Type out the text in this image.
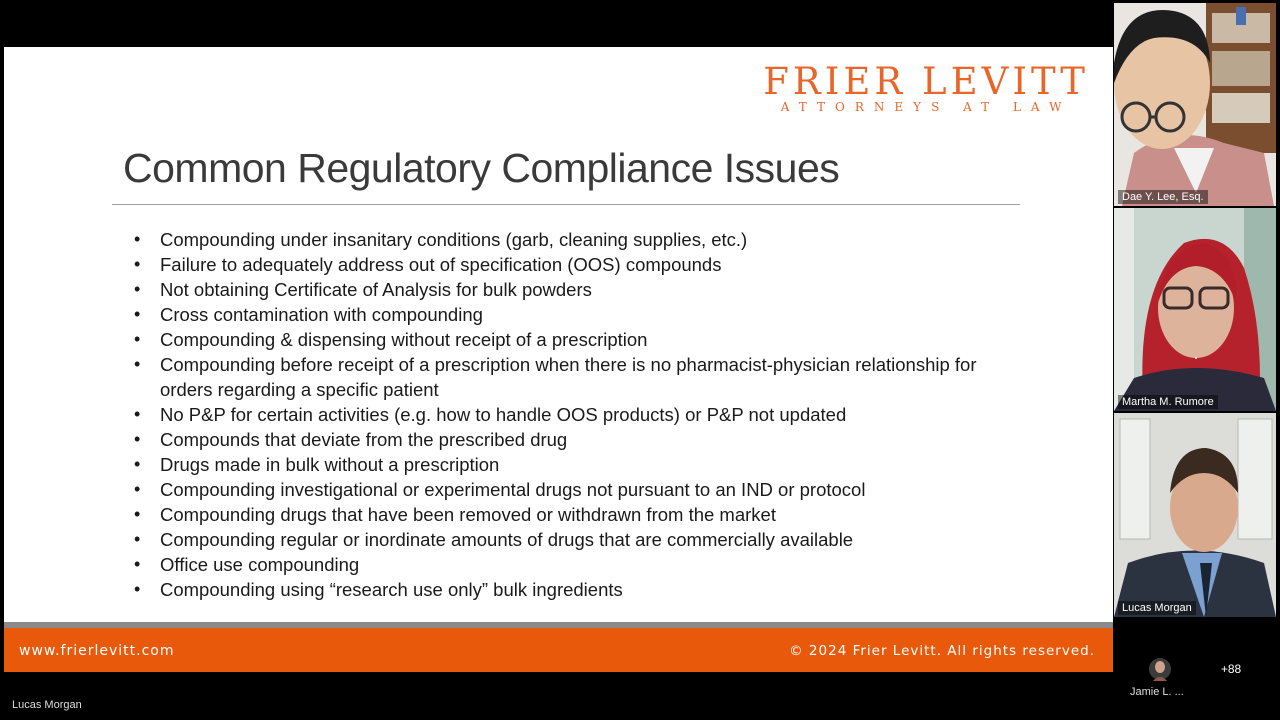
FRIER LEVITT
ATTORNEYS AT LAW
Common Regulatory Compliance Issues
• Compounding under insanitary conditions (garb, cleaning supplies, etc.)
• Failure to adequately address out of specification (OOS) compounds
• Not obtaining Certificate of Analysis for bulk powders
• Cross contamination with compounding
• Compounding & dispensing without receipt of a prescription
• Compounding before receipt of a prescription when there is no pharmacist-physician relationship for orders regarding a specific patient
• No P&P for certain activities (e.g. how to handle OOS products) or P&P not updated
• Compounds that deviate from the prescribed drug
• Drugs made in bulk without a prescription
• Compounding investigational or experimental drugs not pursuant to an IND or protocol
• Compounding drugs that have been removed or withdrawn from the market
• Compounding regular or inordinate amounts of drugs that are commercially available
• Office use compounding
• Compounding using “research use only” bulk ingredients
www.frierlevitt.com	© 2024 Frier Levitt. All rights reserved.
Dae Y. Lee, Esq.
Martha M. Rumore
Lucas Morgan
Lucas Morgan
+88
Jamie L. ...
